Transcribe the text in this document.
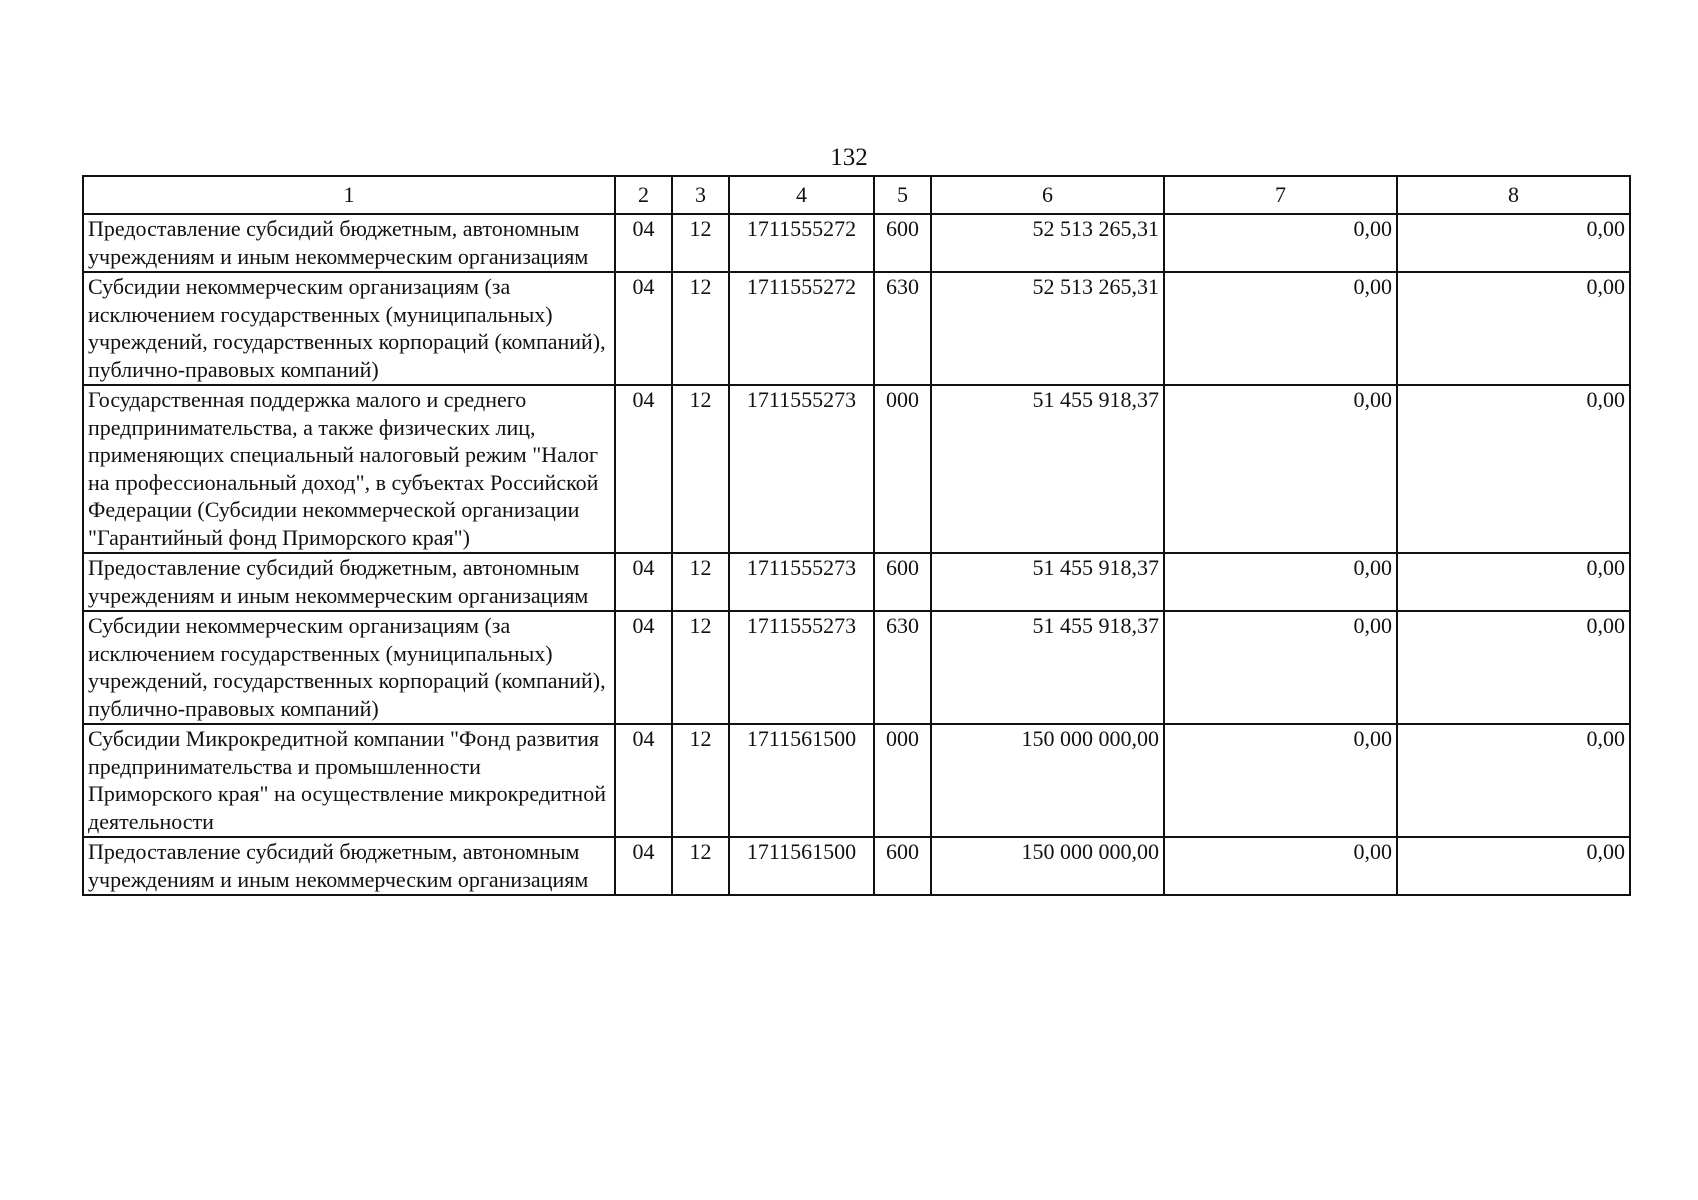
132
1	2	3	4	5	6	7	8
Предоставление субсидий бюджетным, автономным учреждениям и иным некоммерческим организациям	04	12	1711555272	600	52 513 265,31	0,00	0,00
Субсидии некоммерческим организациям (за исключением государственных (муниципальных) учреждений, государственных корпораций (компаний), публично-правовых компаний)	04	12	1711555272	630	52 513 265,31	0,00	0,00
Государственная поддержка малого и среднего предпринимательства, а также физических лиц, применяющих специальный налоговый режим "Налог на профессиональный доход", в субъектах Российской Федерации (Субсидии некоммерческой организации "Гарантийный фонд Приморского края")	04	12	1711555273	000	51 455 918,37	0,00	0,00
Предоставление субсидий бюджетным, автономным учреждениям и иным некоммерческим организациям	04	12	1711555273	600	51 455 918,37	0,00	0,00
Субсидии некоммерческим организациям (за исключением государственных (муниципальных) учреждений, государственных корпораций (компаний), публично-правовых компаний)	04	12	1711555273	630	51 455 918,37	0,00	0,00
Субсидии Микрокредитной компании "Фонд развития предпринимательства и промышленности Приморского края" на осуществление микрокредитной деятельности	04	12	1711561500	000	150 000 000,00	0,00	0,00
Предоставление субсидий бюджетным, автономным учреждениям и иным некоммерческим организациям	04	12	1711561500	600	150 000 000,00	0,00	0,00
